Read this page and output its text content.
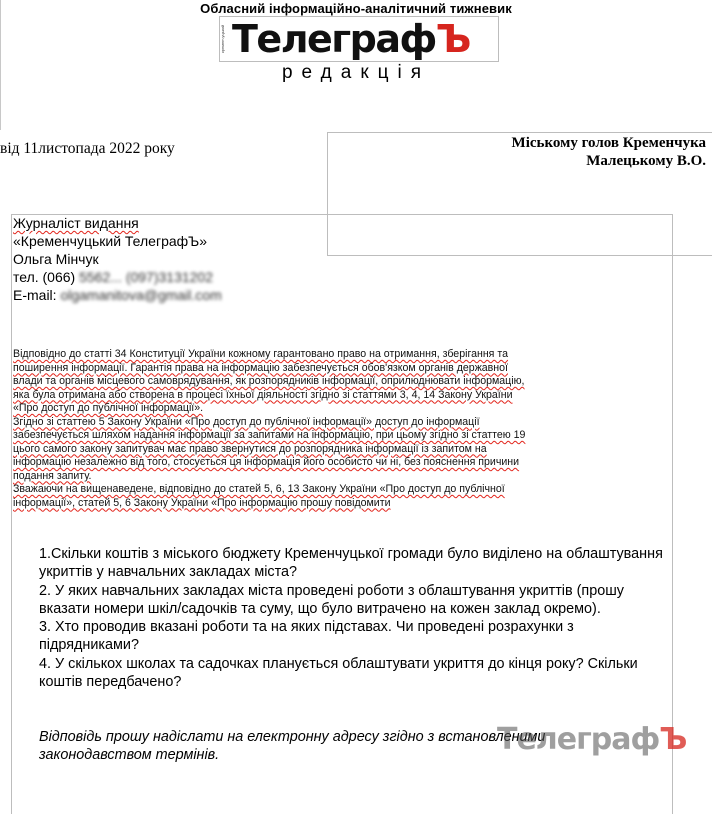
Обласний інформаційно-аналітичний тижневик
кременчуцький ТелеграфЪ
редакція
від 11листопада 2022 року	Міському голов Кременчука
Малецькому В.О.
Журналіст видання
«Кременчуцький ТелеграфЪ»
Ольга Мінчук
тел. (066) 5562... (097)3131202
E-mail: olgamanitova@gmail.com

Відповідно до статті 34 Конституції України кожному гарантовано право на отримання, зберігання та поширення інформації. Гарантія права на інформацію забезпечується обов'язком органів державної влади та органів місцевого самоврядування, як розпорядників інформації, оприлюднювати інформацію, яка була отримана або створена в процесі їхньої діяльності згідно зі статтями 3, 4, 14 Закону України «Про доступ до публічної інформації».

Згідно зі статтею 5 Закону України «Про доступ до публічної інформації» доступ до інформації забезпечується шляхом надання інформації за запитами на інформацію, при цьому згідно зі статтею 19 цього самого закону запитувач має право звернутися до розпорядника інформації із запитом на інформацію незалежно від того, стосується ця інформація його особисто чи ні, без пояснення причини подання запиту.

Зважаючи на вищенаведене, відповідно до статей 5, 6, 13 Закону України «Про доступ до публічної інформації», статей 5, 6 Закону України «Про інформацію прошу повідомити

1.Скільки коштів з міського бюджету Кременчуцької громади було виділено на облаштування укриттів у навчальних закладах міста?

2. У яких навчальних закладах міста проведені роботи з облаштування укриттів (прошу вказати номери шкіл/садочків та суму, що було витрачено на кожен заклад окремо).

3. Хто проводив вказані роботи та на яких підставах. Чи проведені розрахунки з підрядниками?

4. У скількох школах та садочках планується облаштувати укриття до кінця року? Скільки коштів передбачено?

Відповідь прошу надіслати на електронну адресу згідно з встановленими законодавством термінів.	ТелеграфЪ
